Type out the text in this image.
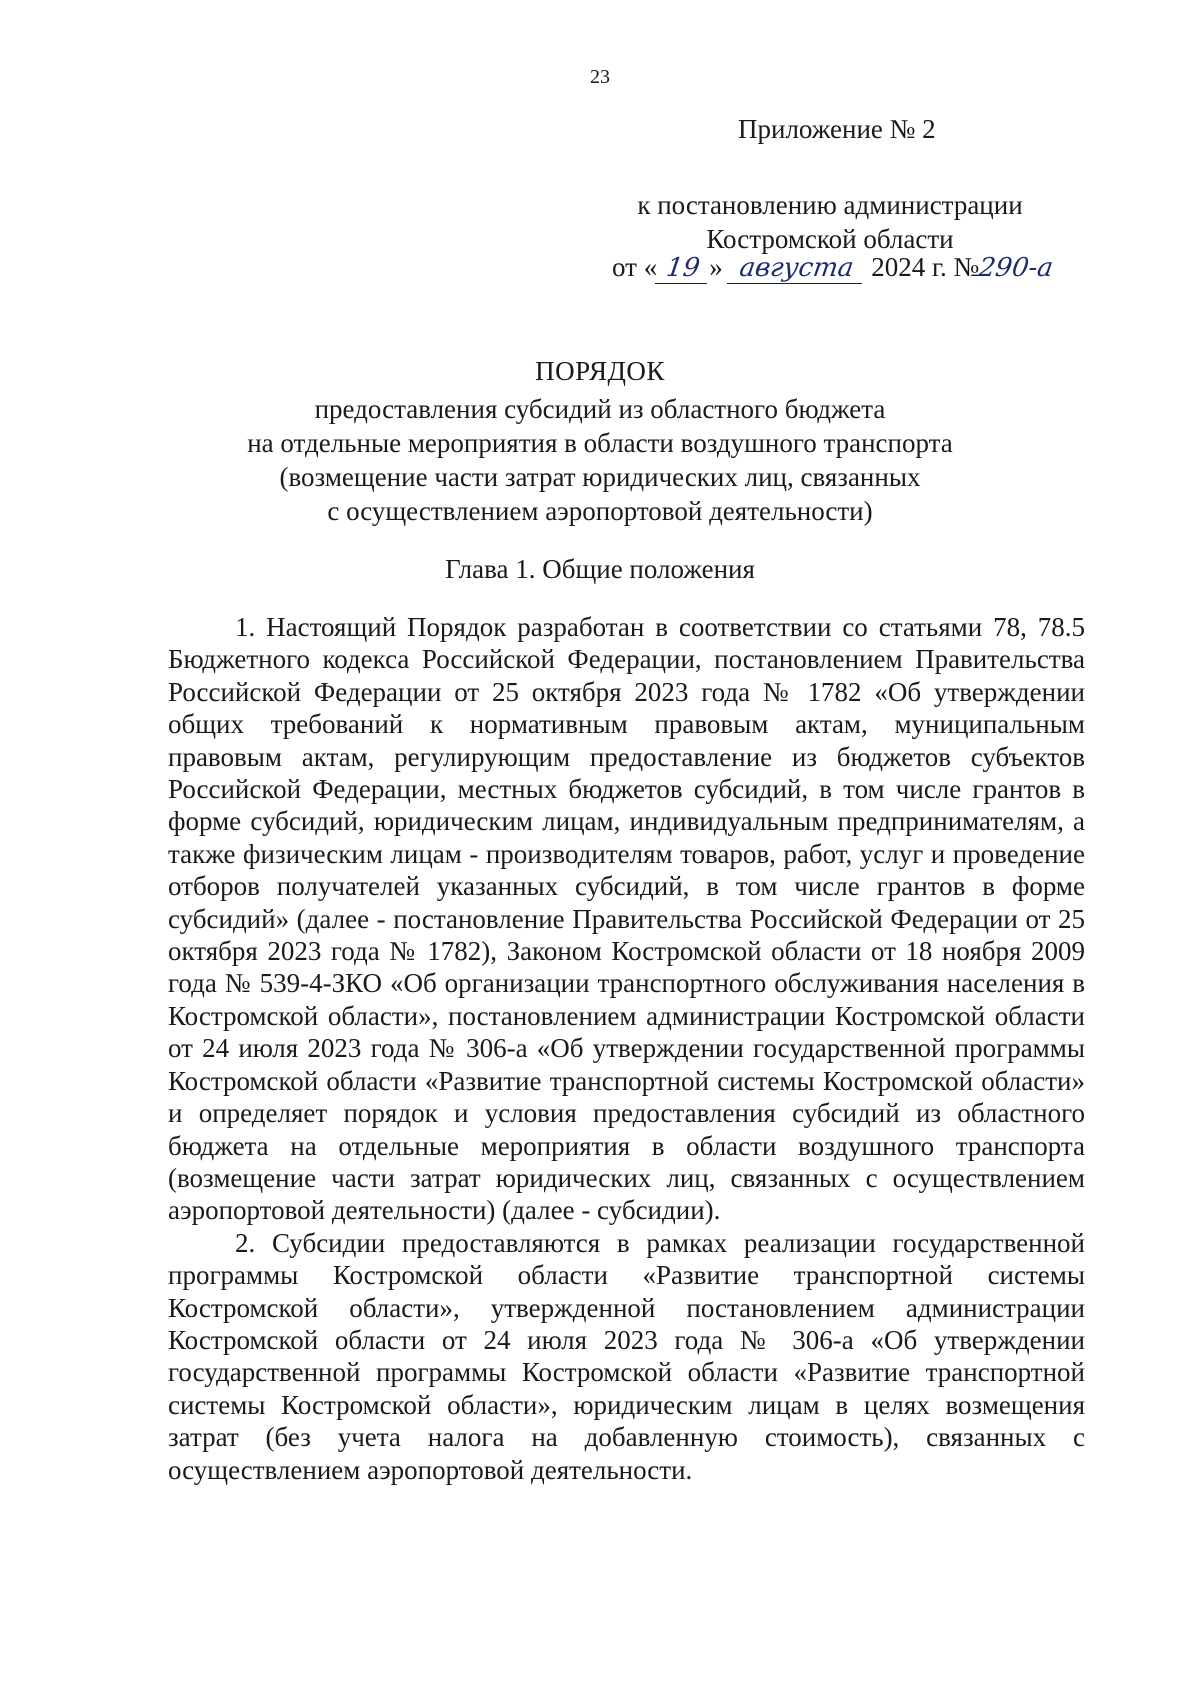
23
Приложение № 2
к постановлению администрации
Костромской области
от « 19 » августа 2024 г. №290-а
ПОРЯДОК
предоставления субсидий из областного бюджета
на отдельные мероприятия в области воздушного транспорта
(возмещение части затрат юридических лиц, связанных
с осуществлением аэропортовой деятельности)
Глава 1. Общие положения

1. Настоящий Порядок разработан в соответствии со статьями 78, 78.5 Бюджетного кодекса Российской Федерации, постановлением Правительства Российской Федерации от 25 октября 2023 года № 1782 «Об утверждении общих требований к нормативным правовым актам, муниципальным правовым актам, регулирующим предоставление из бюджетов субъектов Российской Федерации, местных бюджетов субсидий, в том числе грантов в форме субсидий, юридическим лицам, индивидуальным предпринимателям, а также физическим лицам - производителям товаров, работ, услуг и проведение отборов получателей указанных субсидий, в том числе грантов в форме субсидий» (далее - постановление Правительства Российской Федерации от 25 октября 2023 года № 1782), Законом Костромской области от 18 ноября 2009 года № 539-4-ЗКО «Об организации транспортного обслуживания населения в Костромской области», постановлением администрации Костромской области от 24 июля 2023 года № 306-а «Об утверждении государственной программы Костромской области «Развитие транспортной системы Костромской области» и определяет порядок и условия предоставления субсидий из областного бюджета на отдельные мероприятия в области воздушного транспорта (возмещение части затрат юридических лиц, связанных с осуществлением аэропортовой деятельности) (далее - субсидии).

2. Субсидии предоставляются в рамках реализации государственной программы Костромской области «Развитие транспортной системы Костромской области», утвержденной постановлением администрации Костромской области от 24 июля 2023 года № 306-а «Об утверждении государственной программы Костромской области «Развитие транспортной системы Костромской области», юридическим лицам в целях возмещения затрат (без учета налога на добавленную стоимость), связанных с осуществлением аэропортовой деятельности.
